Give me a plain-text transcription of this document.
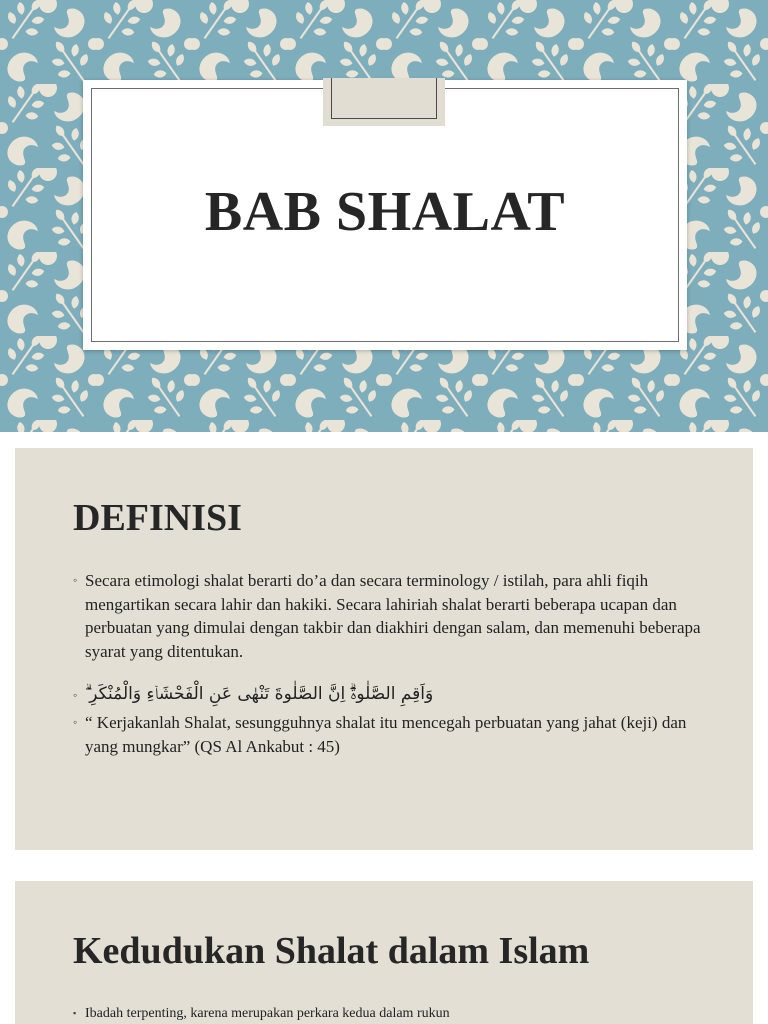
BAB SHALAT
DEFINISI
◦ Secara etimologi shalat berarti do’a dan secara terminology / istilah, para ahli fiqih mengartikan secara lahir dan hakiki. Secara lahiriah shalat berarti beberapa ucapan dan perbuatan yang dimulai dengan takbir dan diakhiri dengan salam, dan memenuhi beberapa syarat yang ditentukan.
◦ وَاَقِمِ الصَّلٰوةَۗ اِنَّ الصَّلٰوةَ تَنْهٰى عَنِ الْفَحْشَاۤءِ وَالْمُنْكَرِ ۗ
◦ “ Kerjakanlah Shalat, sesungguhnya shalat itu mencegah perbuatan yang jahat (keji) dan yang mungkar” (QS Al Ankabut : 45)
Kedudukan Shalat dalam Islam
▪ Ibadah terpenting, karena merupakan perkara kedua dalam rukun
